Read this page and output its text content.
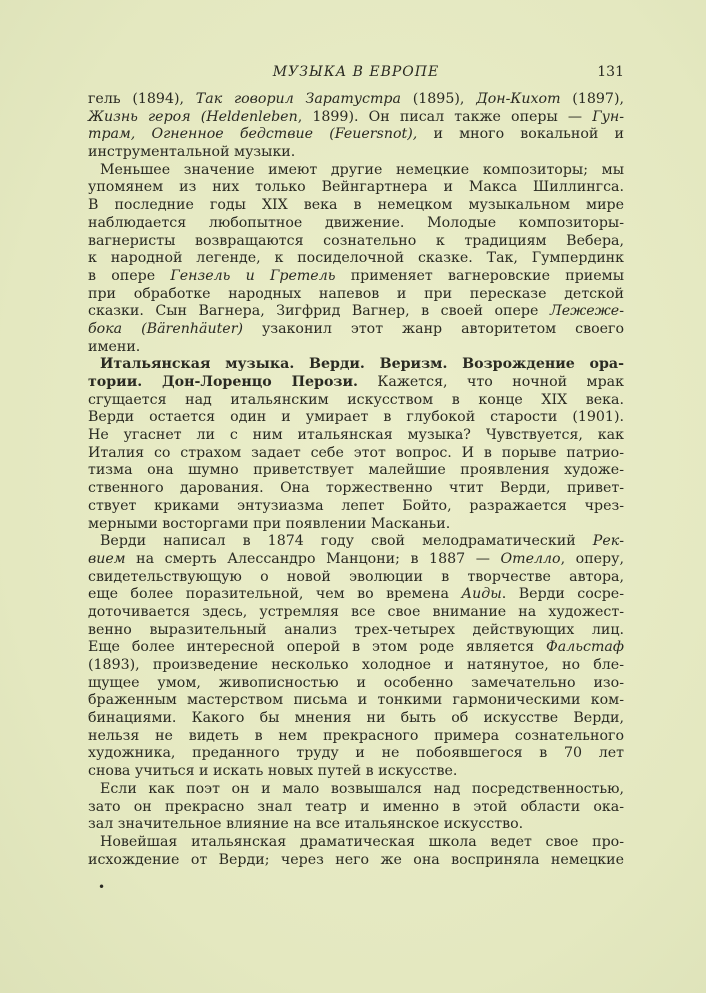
МУЗЫКА В ЕВРОПЕ	131
гель (1894), Так говорил Заратустра (1895), Дон-Кихот (1897),
Жизнь героя (Heldenleben, 1899). Он писал также оперы — Гун-
трам, Огненное бедствие (Feuersnot), и много вокальной и
инструментальной музыки.
Меньшее значение имеют другие немецкие композиторы; мы
упомянем из них только Вейнгартнера и Макса Шиллингса.
В последние годы XIX века в немецком музыкальном мире
наблюдается любопытное движение. Молодые композиторы-
вагнеристы возвращаются сознательно к традициям Вебера,
к народной легенде, к посиделочной сказке. Так, Гумпердинк
в опере Гензель и Гретель применяет вагнеровские приемы
при обработке народных напевов и при пересказе детской
сказки. Сын Вагнера, Зигфрид Вагнер, в своей опере Лежеже-
бока (Bärenhäuter) узаконил этот жанр авторитетом своего
имени.
Итальянская музыка. Верди. Веризм. Возрождение ора-
тории. Дон-Лоренцо Перози. Кажется, что ночной мрак
сгущается над итальянским искусством в конце XIX века.
Верди остается один и умирает в глубокой старости (1901).
Не угаснет ли с ним итальянская музыка? Чувствуется, как
Италия со страхом задает себе этот вопрос. И в порыве патрио-
тизма она шумно приветствует малейшие проявления художе-
ственного дарования. Она торжественно чтит Верди, привет-
ствует криками энтузиазма лепет Бойто, разражается чрез-
мерными восторгами при появлении Масканьи.
Верди написал в 1874 году свой мелодраматический Рек-
вием на смерть Алессандро Манцони; в 1887 — Отелло, оперу,
свидетельствующую о новой эволюции в творчестве автора,
еще более поразительной, чем во времена Аиды. Верди сосре-
доточивается здесь, устремляя все свое внимание на художест-
венно выразительный анализ трех-четырех действующих лиц.
Еще более интересной оперой в этом роде является Фальстаф
(1893), произведение несколько холодное и натянутое, но бле-
щущее умом, живописностью и особенно замечательно изо-
браженным мастерством письма и тонкими гармоническими ком-
бинациями. Какого бы мнения ни быть об искусстве Верди,
нельзя не видеть в нем прекрасного примера сознательного
художника, преданного труду и не побоявшегося в 70 лет
снова учиться и искать новых путей в искусстве.
Если как поэт он и мало возвышался над посредственностью,
зато он прекрасно знал театр и именно в этой области ока-
зал значительное влияние на все итальянское искусство.
Новейшая итальянская драматическая школа ведет свое про-
исхождение от Верди; через него же она восприняла немецкие
•
